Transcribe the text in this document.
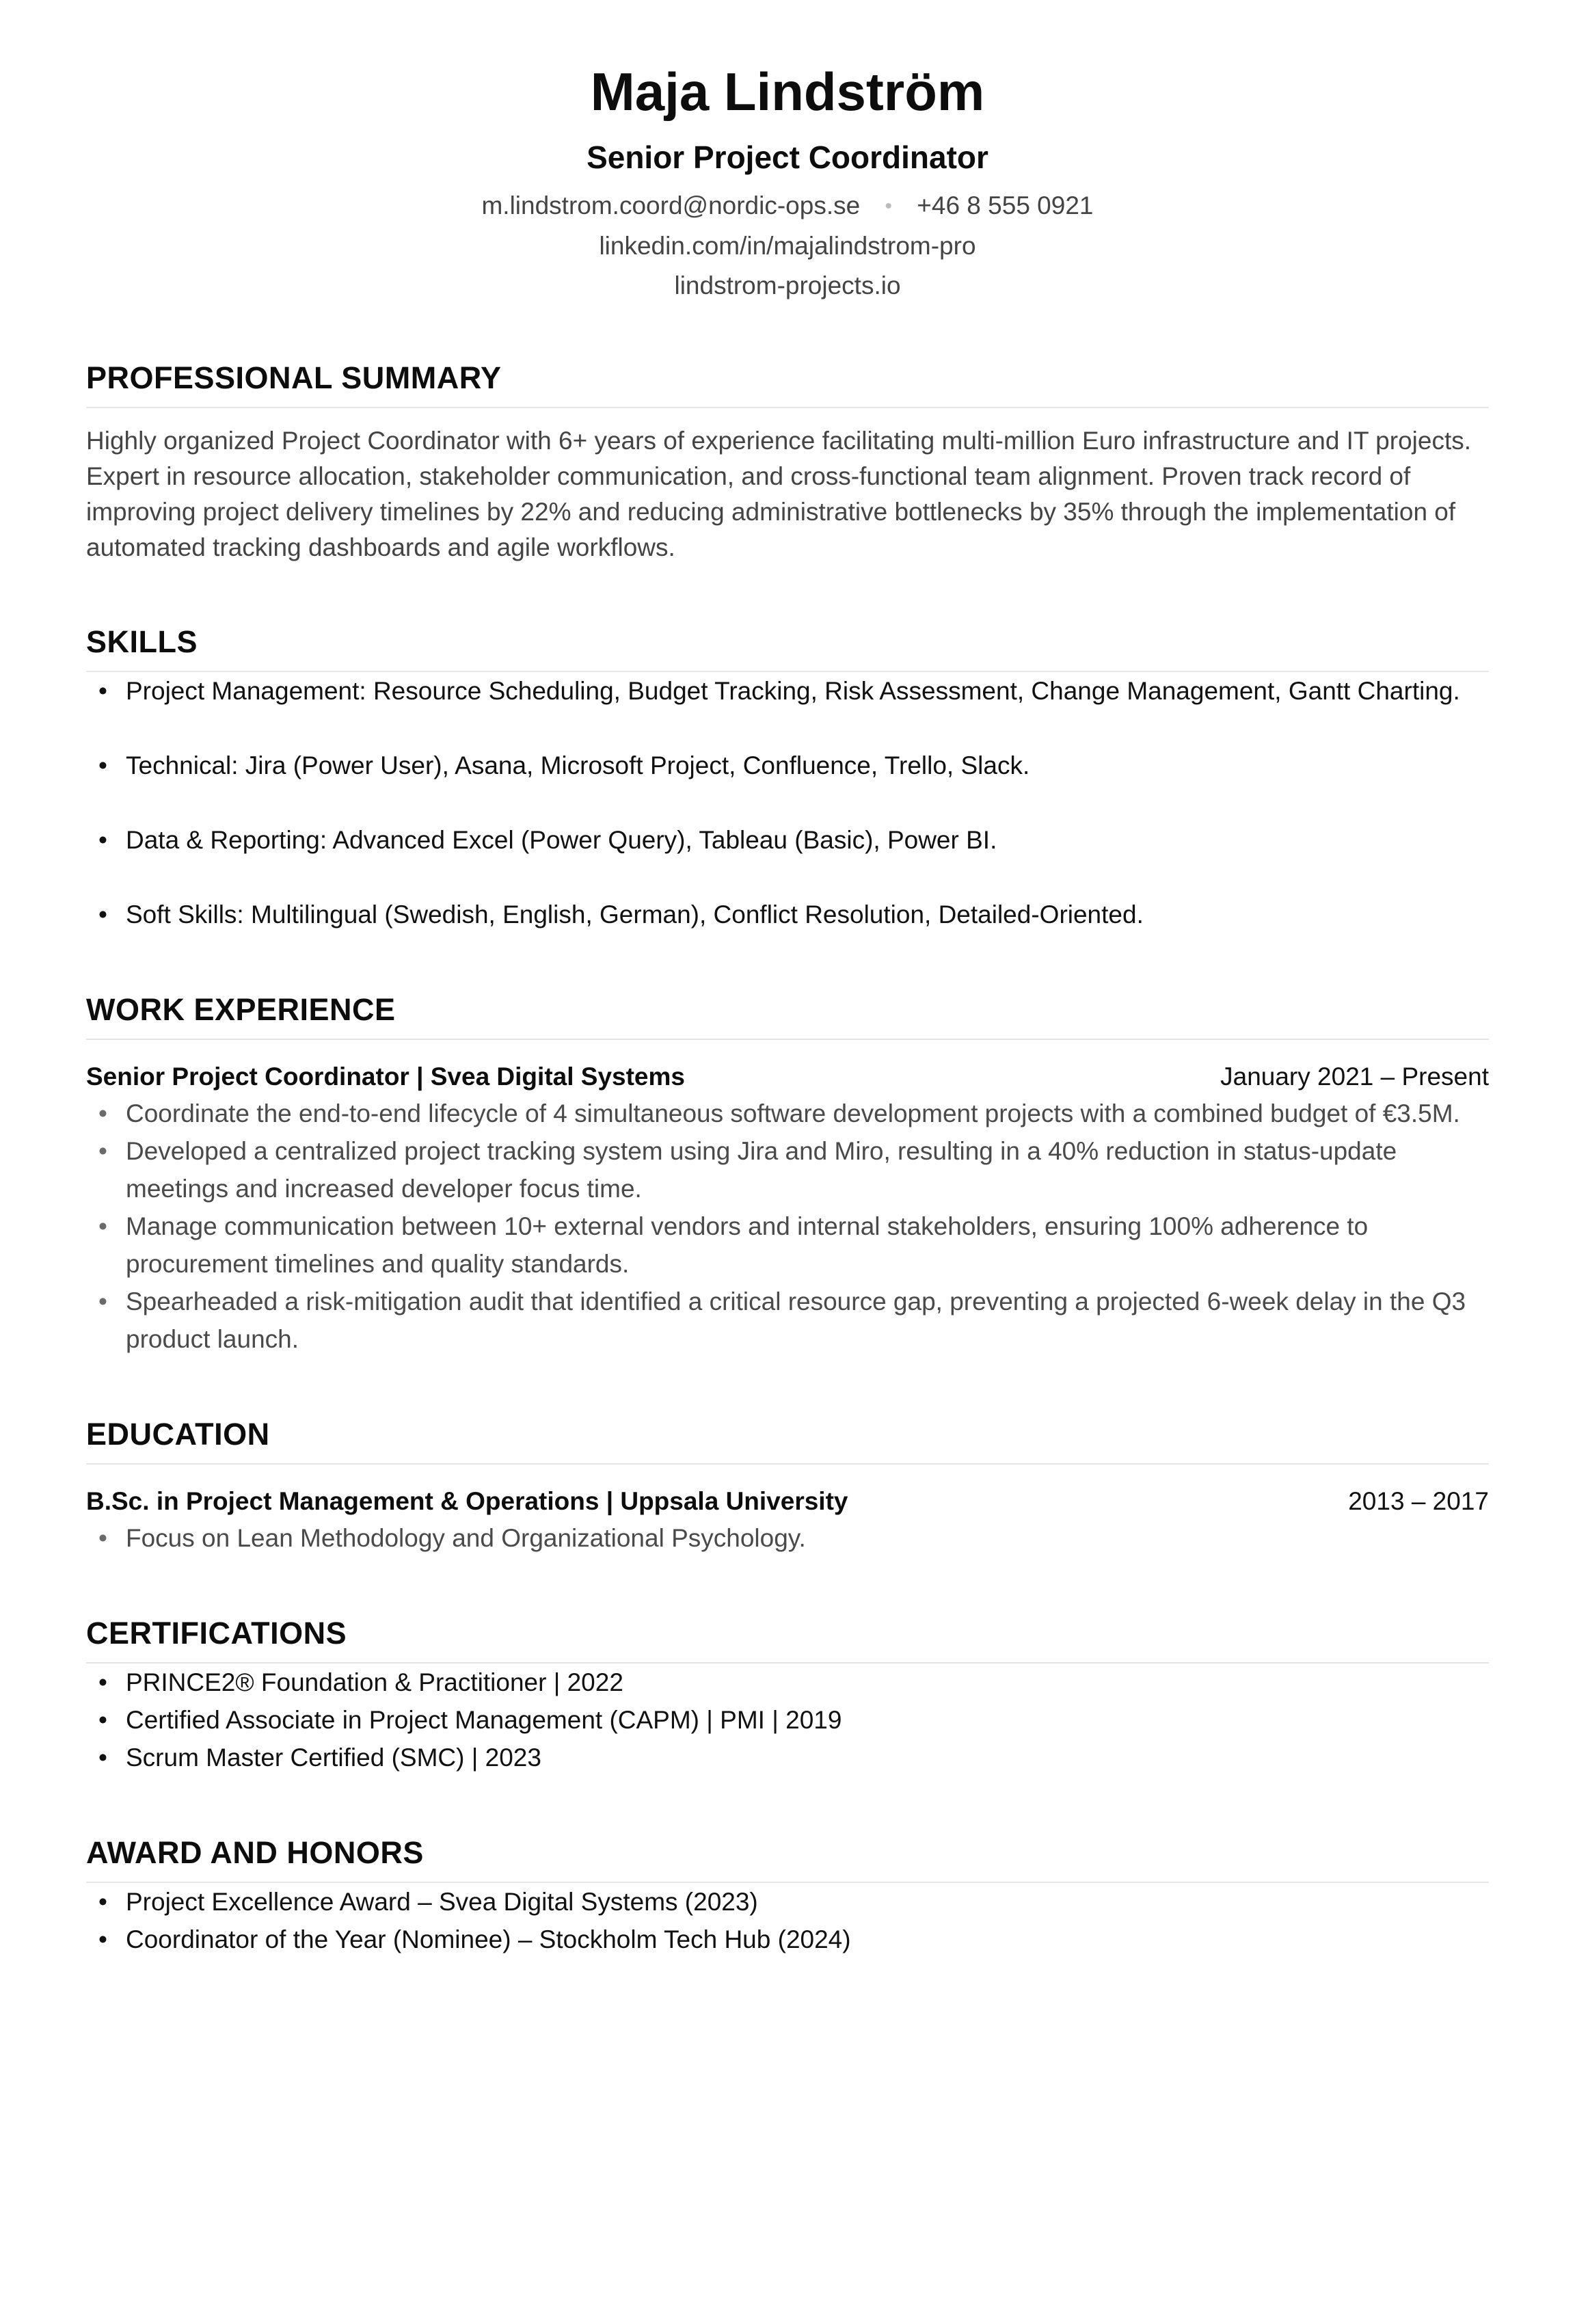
Maja Lindström
Senior Project Coordinator
m.lindstrom.coord@nordic-ops.se • +46 8 555 0921
linkedin.com/in/majalindstrom-pro
lindstrom-projects.io
PROFESSIONAL SUMMARY

Highly organized Project Coordinator with 6+ years of experience facilitating multi-million Euro infrastructure and IT projects. Expert in resource allocation, stakeholder communication, and cross-functional team alignment. Proven track record of improving project delivery timelines by 22% and reducing administrative bottlenecks by 35% through the implementation of automated tracking dashboards and agile workflows.

SKILLS
• Project Management: Resource Scheduling, Budget Tracking, Risk Assessment, Change Management, Gantt Charting.
• Technical: Jira (Power User), Asana, Microsoft Project, Confluence, Trello, Slack.
• Data & Reporting: Advanced Excel (Power Query), Tableau (Basic), Power BI.
• Soft Skills: Multilingual (Swedish, English, German), Conflict Resolution, Detailed-Oriented.
WORK EXPERIENCE
Senior Project Coordinator | Svea Digital Systems	January 2021 – Present
• Coordinate the end-to-end lifecycle of 4 simultaneous software development projects with a combined budget of €3.5M.
• Developed a centralized project tracking system using Jira and Miro, resulting in a 40% reduction in status-update meetings and increased developer focus time.
• Manage communication between 10+ external vendors and internal stakeholders, ensuring 100% adherence to procurement timelines and quality standards.
• Spearheaded a risk-mitigation audit that identified a critical resource gap, preventing a projected 6-week delay in the Q3 product launch.
EDUCATION
B.Sc. in Project Management & Operations | Uppsala University	2013 – 2017
• Focus on Lean Methodology and Organizational Psychology.
CERTIFICATIONS
• PRINCE2® Foundation & Practitioner | 2022
• Certified Associate in Project Management (CAPM) | PMI | 2019
• Scrum Master Certified (SMC) | 2023
AWARD AND HONORS
• Project Excellence Award – Svea Digital Systems (2023)
• Coordinator of the Year (Nominee) – Stockholm Tech Hub (2024)
